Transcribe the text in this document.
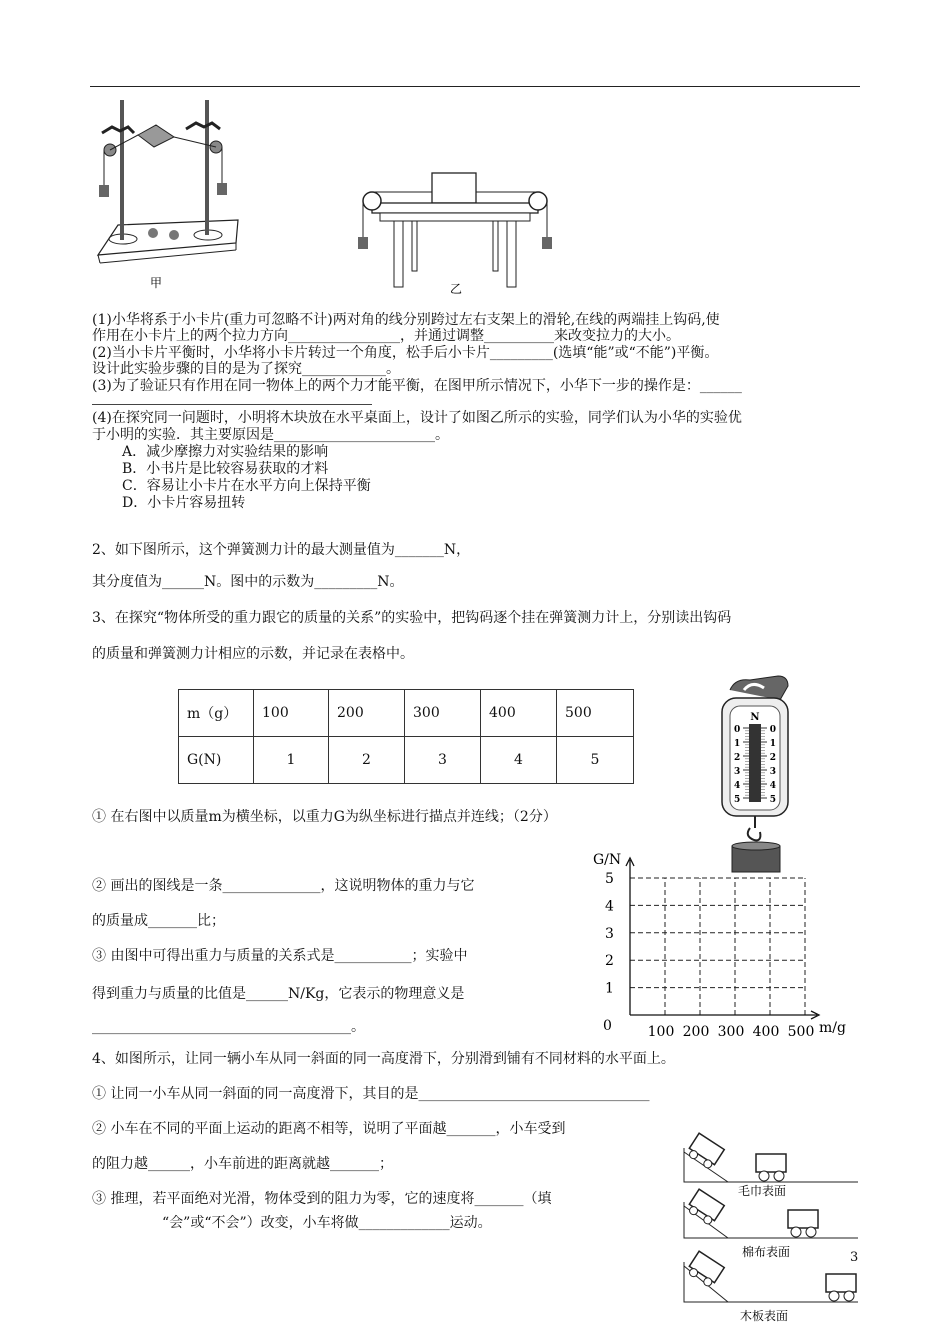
甲	乙
(1)小华将系于小卡片(重力可忽略不计)两对角的线分别跨过左右支架上的滑轮,在线的两端挂上钩码,使
作用在小卡片上的两个拉力方向________________，并通过调整__________来改变拉力的大小。
(2)当小卡片平衡时，小华将小卡片转过一个角度，松手后小卡片_________(选填“能”或“不能”)平衡。
设计此实验步骤的目的是为了探究____________。
(3)为了验证只有作用在同一物体上的两个力才能平衡，在图甲所示情况下，小华下一步的操作是：______
(4)在探究同一问题时，小明将木块放在水平桌面上，设计了如图乙所示的实验，同学们认为小华的实验优
于小明的实验．其主要原因是_______________________。
A．减少摩擦力对实验结果的影响
B．小书片是比较容易获取的才料
C．容易让小卡片在水平方向上保持平衡
D．小卡片容易扭转
2、如下图所示，这个弹簧测力计的最大测量值为_______N，
其分度值为______N。图中的示数为_________N。
3、在探究“物体所受的重力跟它的质量的关系”的实验中，把钩码逐个挂在弹簧测力计上，分别读出钩码
的质量和弹簧测力计相应的示数，并记录在表格中。
m（g）	100	200	300	400	500
G(N)	1	2	3	4	5
N
0	0
1	1
2	2
3	3
4	4
5	5
① 在右图中以质量m为横坐标，以重力G为纵坐标进行描点并连线；（2分）
② 画出的图线是一条______________，这说明物体的重力与它
的质量成_______比；
③ 由图中可得出重力与质量的关系式是___________；实验中
得到重力与质量的比值是______N/Kg，它表示的物理意义是
_____________________________________。
G/N
m/g
0
1
2
3
4
5
100 200 300 400 500
4、如图所示，让同一辆小车从同一斜面的同一高度滑下，分别滑到铺有不同材料的水平面上。
① 让同一小车从同一斜面的同一高度滑下，其目的是_________________________________
② 小车在不同的平面上运动的距离不相等，说明了平面越_______，小车受到
的阻力越______，小车前进的距离就越_______；
③ 推理，若平面绝对光滑，物体受到的阻力为零，它的速度将_______（填
“会”或“不会”）改变，小车将做_____________运动。
毛巾表面
棉布表面
木板表面
3
